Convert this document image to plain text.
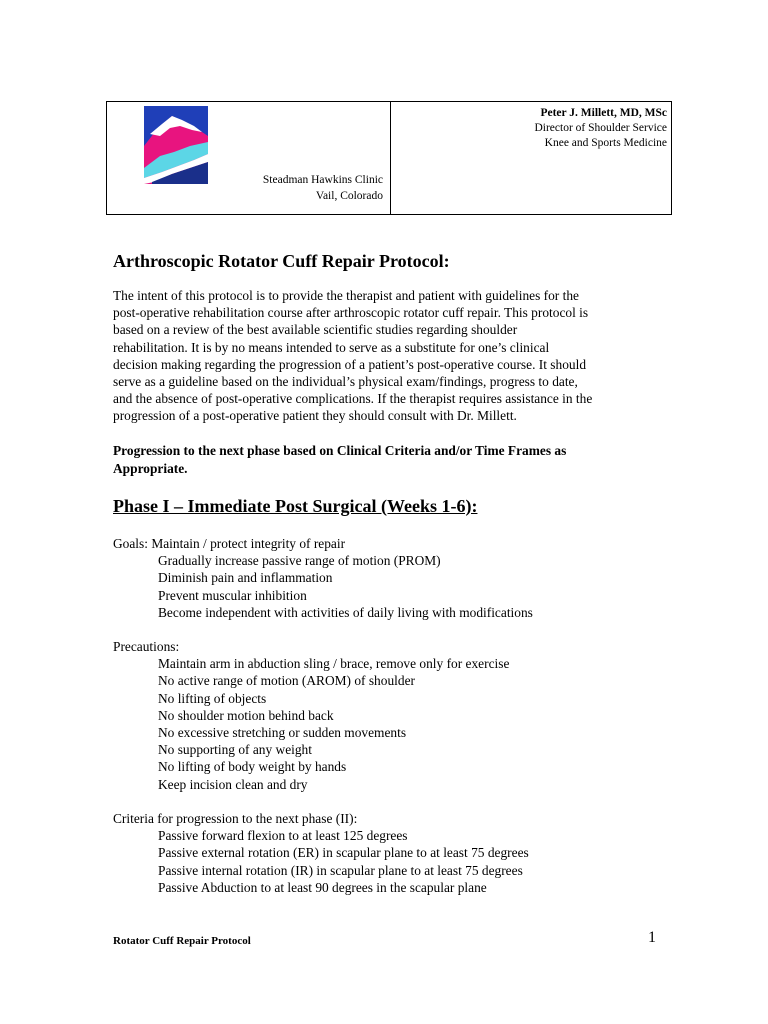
Steadman Hawkins Clinic
Vail, Colorado
Peter J. Millett, MD, MSc
Director of Shoulder Service
Knee and Sports Medicine
Arthroscopic Rotator Cuff Repair Protocol:

The intent of this protocol is to provide the therapist and patient with guidelines for the
post-operative rehabilitation course after arthroscopic rotator cuff repair. This protocol is
based on a review of the best available scientific studies regarding shoulder
rehabilitation. It is by no means intended to serve as a substitute for one’s clinical
decision making regarding the progression of a patient’s post-operative course. It should
serve as a guideline based on the individual’s physical exam/findings, progress to date,
and the absence of post-operative complications. If the therapist requires assistance in the
progression of a post-operative patient they should consult with Dr. Millett.

Progression to the next phase based on Clinical Criteria and/or Time Frames as
Appropriate.

Phase I – Immediate Post Surgical (Weeks 1-6):
Goals: Maintain / protect integrity of repair
Gradually increase passive range of motion (PROM)
Diminish pain and inflammation
Prevent muscular inhibition
Become independent with activities of daily living with modifications
Precautions:
Maintain arm in abduction sling / brace, remove only for exercise
No active range of motion (AROM) of shoulder
No lifting of objects
No shoulder motion behind back
No excessive stretching or sudden movements
No supporting of any weight
No lifting of body weight by hands
Keep incision clean and dry
Criteria for progression to the next phase (II):
Passive forward flexion to at least 125 degrees
Passive external rotation (ER) in scapular plane to at least 75 degrees
Passive internal rotation (IR) in scapular plane to at least 75 degrees
Passive Abduction to at least 90 degrees in the scapular plane
Rotator Cuff Repair Protocol	1
